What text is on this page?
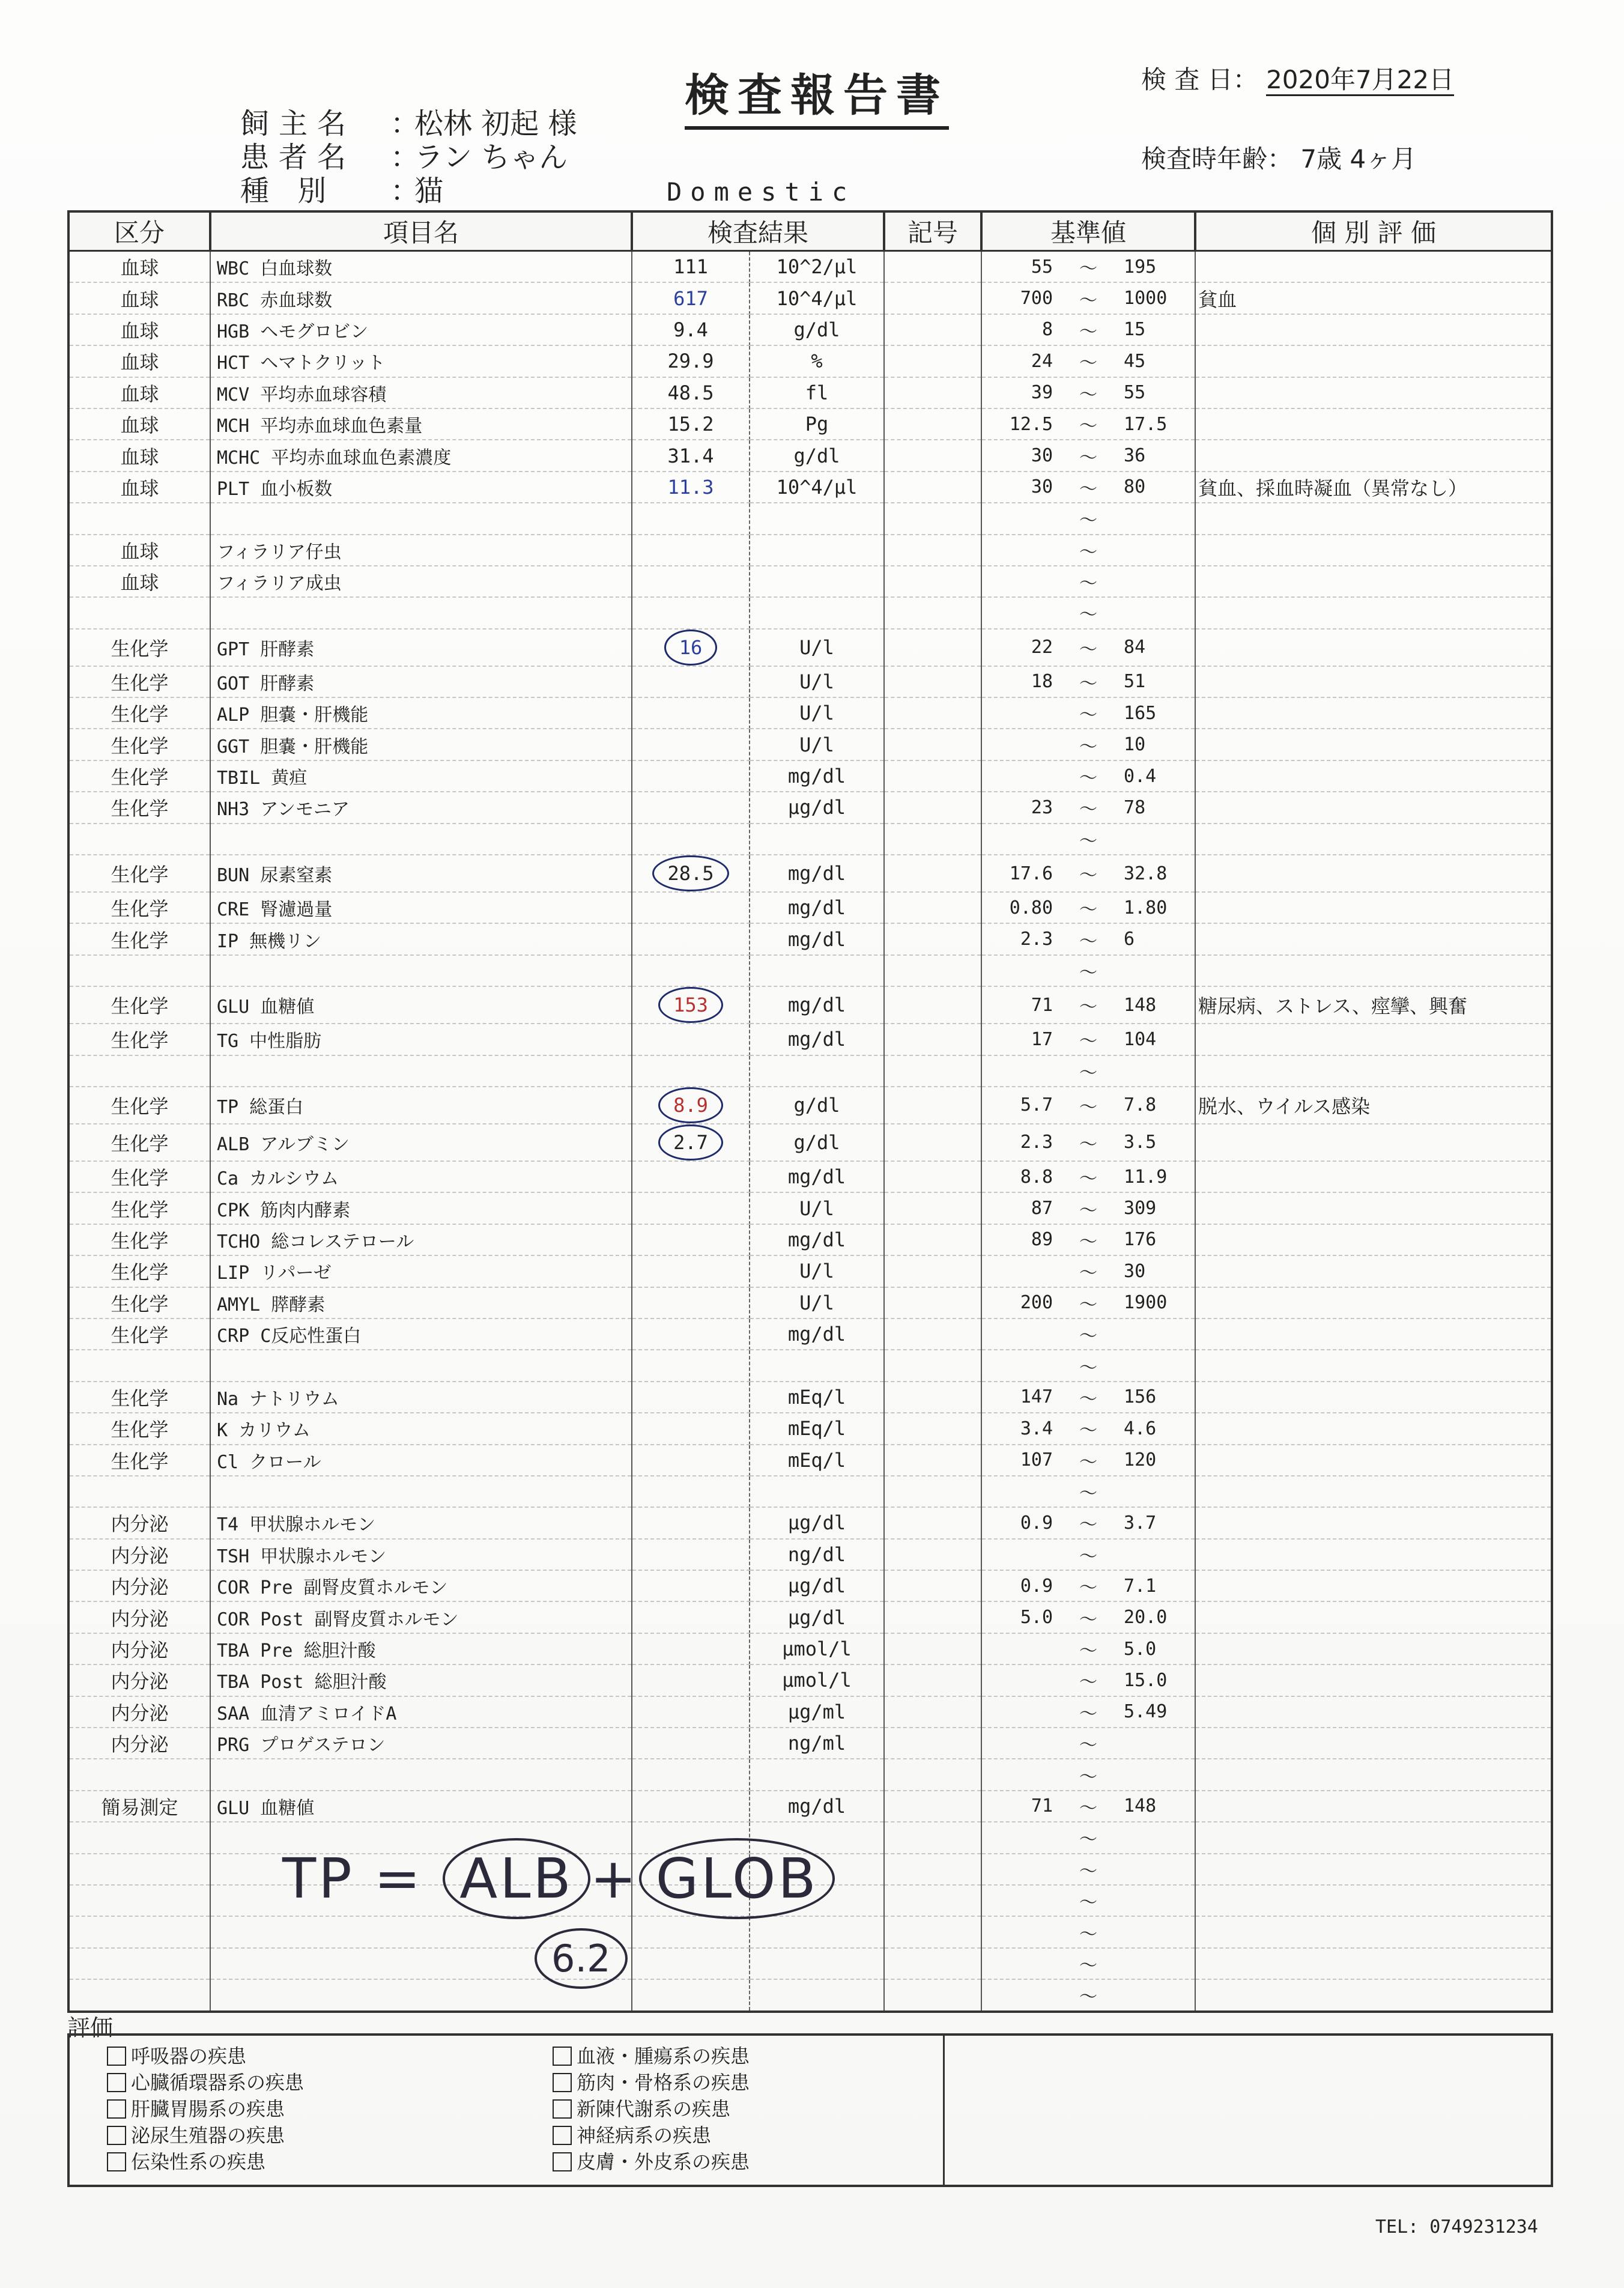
検査報告書	検 査 日： 2020年7月22日
検査時年齢： 7歳 4ヶ月
飼主名	：
松林 初起 様
患者名	：
ラン ちゃん
種 別	：
猫	Domestic
区分	項目名	検査結果		記号	基準値	個 別 評 価
血球	WBC 白血球数	111	10^2/μl		55 ～ 195	

血球	RBC 赤血球数	617	10^4/μl		700 ～ 1000	貧血
血球	HGB ヘモグロビン	9.4	g/dl		8 ～ 15	

血球	HCT ヘマトクリット	29.9	%		24 ～ 45	

血球	MCV 平均赤血球容積	48.5	fl		39 ～ 55	

血球	MCH 平均赤血球血色素量	15.2	Pg		12.5 ～ 17.5	

血球	MCHC 平均赤血球血色素濃度	31.4	g/dl		30 ～ 36	

血球	PLT 血小板数	11.3	10^4/μl		30 ～ 80	貧血、採血時凝血（異常なし）

					～	

血球	フィラリア仔虫				～	

血球	フィラリア成虫				～	

					～	

生化学	GPT 肝酵素	16	U/l		22 ～ 84	

生化学	GOT 肝酵素		U/l		18 ～ 51	

生化学	ALP 胆嚢・肝機能		U/l		～ 165	

生化学	GGT 胆嚢・肝機能		U/l		～ 10	

生化学	TBIL 黄疸		mg/dl		～ 0.4	

生化学	NH3 アンモニア		μg/dl		23 ～ 78	

					～	

生化学	BUN 尿素窒素	28.5	mg/dl		17.6 ～ 32.8	

生化学	CRE 腎濾過量		mg/dl		0.80 ～ 1.80	

生化学	IP 無機リン		mg/dl		2.3 ～ 6	

					～	

生化学	GLU 血糖値	153	mg/dl		71 ～ 148	糖尿病、ストレス、痙攣、興奮
生化学	TG 中性脂肪		mg/dl		17 ～ 104	

					～	

生化学	TP 総蛋白	8.9	g/dl		5.7 ～ 7.8	脱水、ウイルス感染
生化学	ALB アルブミン	2.7	g/dl		2.3 ～ 3.5	

生化学	Ca カルシウム		mg/dl		8.8 ～ 11.9	

生化学	CPK 筋肉内酵素		U/l		87 ～ 309	

生化学	TCHO 総コレステロール		mg/dl		89 ～ 176	

生化学	LIP リパーゼ		U/l		～ 30	

生化学	AMYL 膵酵素		U/l		200 ～ 1900	

生化学	CRP C反応性蛋白		mg/dl		～	

					～	

生化学	Na ナトリウム		mEq/l		147 ～ 156	

生化学	K カリウム		mEq/l		3.4 ～ 4.6	

生化学	Cl クロール		mEq/l		107 ～ 120	

					～	

内分泌	T4 甲状腺ホルモン		μg/dl		0.9 ～ 3.7	

内分泌	TSH 甲状腺ホルモン		ng/dl		～	

内分泌	COR Pre 副腎皮質ホルモン		μg/dl		0.9 ～ 7.1	

内分泌	COR Post 副腎皮質ホルモン		μg/dl		5.0 ～ 20.0	

内分泌	TBA Pre 総胆汁酸		μmol/l		～ 5.0	

内分泌	TBA Post 総胆汁酸		μmol/l		～ 15.0	

内分泌	SAA 血清アミロイドA		μg/ml		～ 5.49	

内分泌	PRG プロゲステロン		ng/ml		～	

					～	

簡易測定	GLU 血糖値		mg/dl		71 ～ 148	

					～	

					～	

					～	

					～	

					～	

					～	

TP = ALB + GLOB
6.2
評価
呼吸器の疾患
心臓循環器系の疾患
肝臓胃腸系の疾患
泌尿生殖器の疾患
伝染性系の疾患
血液・腫瘍系の疾患
筋肉・骨格系の疾患
新陳代謝系の疾患
神経病系の疾患
皮膚・外皮系の疾患
TEL: 0749231234
